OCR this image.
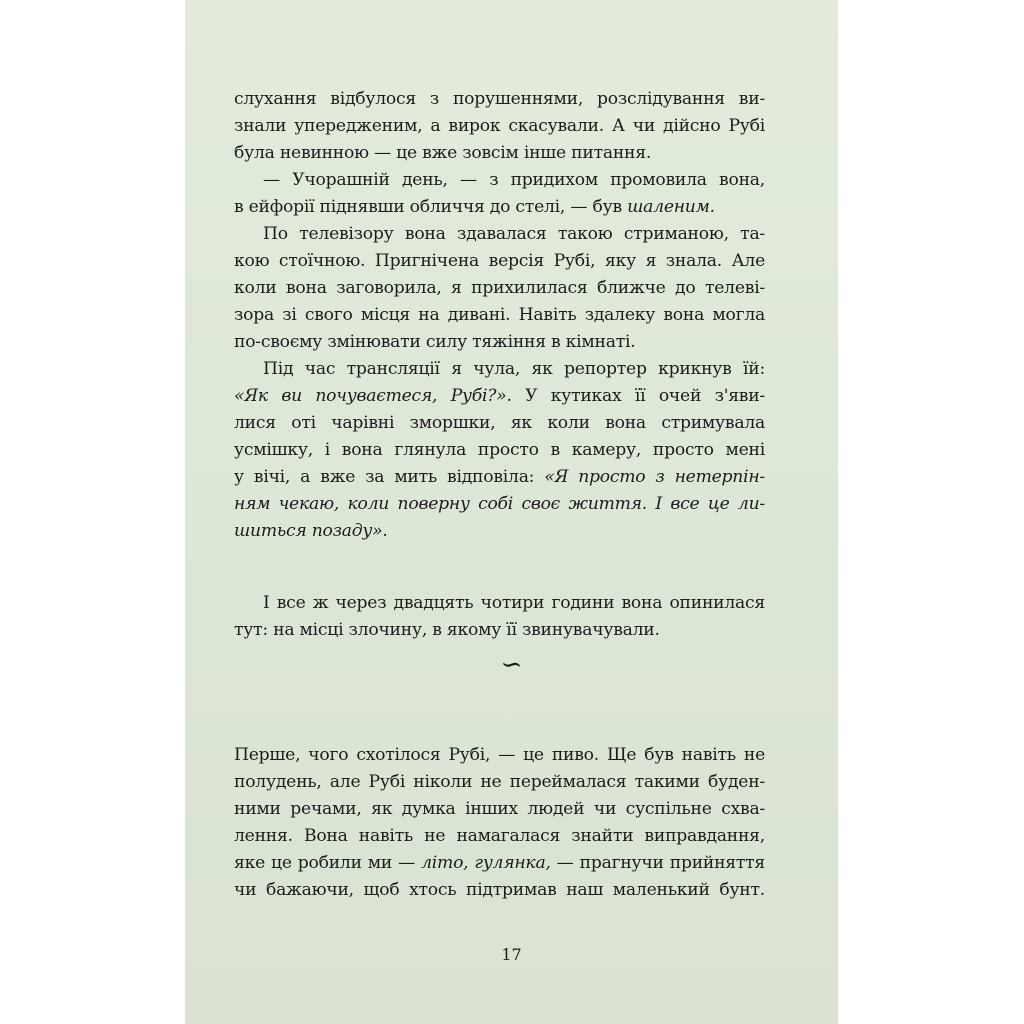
слухання відбулося з порушеннями, розслідування ви-
знали упередженим, а вирок скасували. А чи дійсно Рубі
була невинною — це вже зовсім інше питання.
— Учорашній день, — з придихом промовила вона,
в ейфорії піднявши обличчя до стелі, — був шаленим.
По телевізору вона здавалася такою стриманою, та-
кою стоїчною. Пригнічена версія Рубі, яку я знала. Але
коли вона заговорила, я прихилилася ближче до телеві-
зора зі свого місця на дивані. Навіть здалеку вона могла
по-своєму змінювати силу тяжіння в кімнаті.
Під час трансляції я чула, як репортер крикнув їй:
«Як ви почуваєтеся, Рубі?». У кутиках її очей з'яви-
лися оті чарівні зморшки, як коли вона стримувала
усмішку, і вона глянула просто в камеру, просто мені
у вічі, а вже за мить відповіла: «Я просто з нетерпін-
ням чекаю, коли поверну собі своє життя. І все це ли-
шиться позаду».
І все ж через двадцять чотири години вона опинилася
тут: на місці злочину, в якому її звинувачували.
∽
Перше, чого схотілося Рубі, — це пиво. Ще був навіть не
полудень, але Рубі ніколи не переймалася такими буден-
ними речами, як думка інших людей чи суспільне схва-
лення. Вона навіть не намагалася знайти виправдання,
яке це робили ми — літо, гулянка, — прагнучи прийняття
чи бажаючи, щоб хтось підтримав наш маленький бунт.
17
